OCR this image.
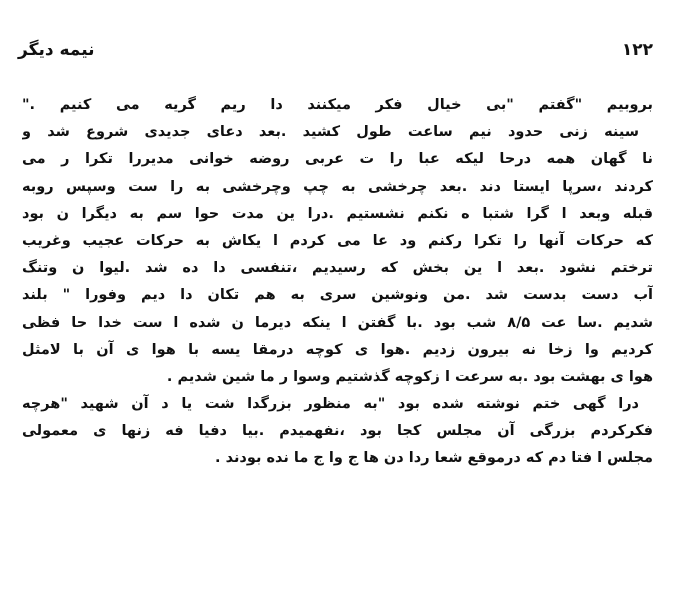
۱۲۲
نیمه دیگر
بروبیم "گفتم "بی خیال فکر میکنند دا ریم گریه می کنیم ."
سینه زنی حدود نیم ساعت طول کشید .بعد دعای جدیدی شروع شد و
نا گهان همه درحا لیکه عبا را ت عربی روضه خوانی مدیررا تکرا ر می
کردند ،سرپا ایستا دند .بعد چرخشی به چپ وچرخشی به را ست وسپس روبه
قبله وبعد ا گرا شتبا ه نکنم نشستیم .درا ین مدت حوا سم به دیگرا ن بود
که حرکات آنها را تکرا رکنم ود عا می کردم ا یکاش به حرکات عجیب وغریب
ترختم نشود .بعد ا ین بخش که رسیدیم ،تنفسی دا ده شد .لیوا ن وتنگ
آب دست بدست شد .من ونوشین سری به هم تکان دا دیم وفورا " بلند
شدیم .سا عت ۸/۵ شب بود .با گفتن ا ینکه دیرما ن شده ا ست خدا حا فظی
کردیم وا زخا نه بیرون زدیم .هوا ی کوچه درمقا یسه با هوا ی آن با لامثل
هوا ی بهشت بود .به سرعت ا زکوچه گذشتیم وسوا ر ما شین شدیم .
درا گهی ختم نوشته شده بود "به منظور بزرگدا شت یا د آن شهید "هرچه
فکرکردم بزرگی آن مجلس کجا بود ،نفهمیدم .بیا دفیا فه زنها ی معمولی
مجلس ا فتا دم که درموقع شعا ردا دن ها ج وا ج ما نده بودند .
